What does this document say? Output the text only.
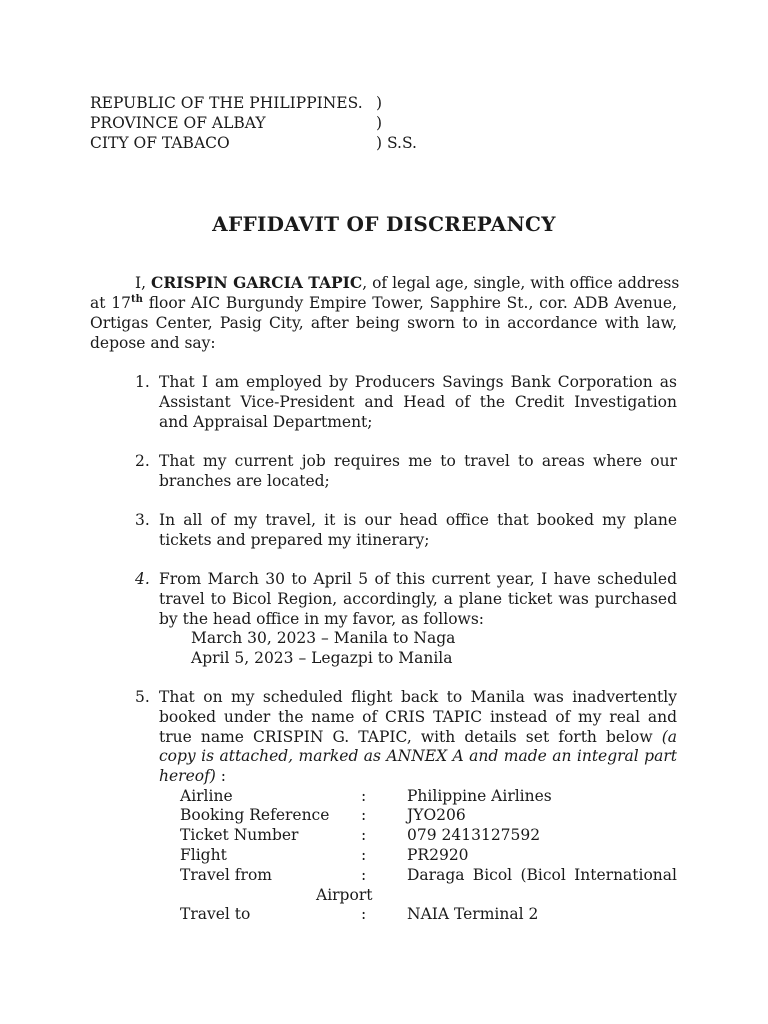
REPUBLIC OF THE PHILIPPINES. )
PROVINCE OF ALBAY	)
CITY OF TABACO	) S.S.
AFFIDAVIT OF DISCREPANCY
I, CRISPIN GARCIA TAPIC, of legal age, single, with office address
at 17th floor AIC Burgundy Empire Tower, Sapphire St., cor. ADB Avenue,
Ortigas Center, Pasig City, after being sworn to in accordance with law,
depose and say:
1. That I am employed by Producers Savings Bank Corporation as
Assistant Vice-President and Head of the Credit Investigation
and Appraisal Department;
2. That my current job requires me to travel to areas where our
branches are located;
3. In all of my travel, it is our head office that booked my plane
tickets and prepared my itinerary;
4. From March 30 to April 5 of this current year, I have scheduled
travel to Bicol Region, accordingly, a plane ticket was purchased
by the head office in my favor, as follows:
March 30, 2023 – Manila to Naga
April 5, 2023 – Legazpi to Manila
5. That on my scheduled flight back to Manila was inadvertently
booked under the name of CRIS TAPIC instead of my real and
true name CRISPIN G. TAPIC, with details set forth below (a
copy is attached, marked as ANNEX A and made an integral part
hereof) :
Airline	:	Philippine Airlines
Booking Reference :	JYO206
Ticket Number	:	079 2413127592
Flight	:	PR2920
Travel from	:	Daraga Bicol (Bicol International
Airport
Travel to	:	NAIA Terminal 2
